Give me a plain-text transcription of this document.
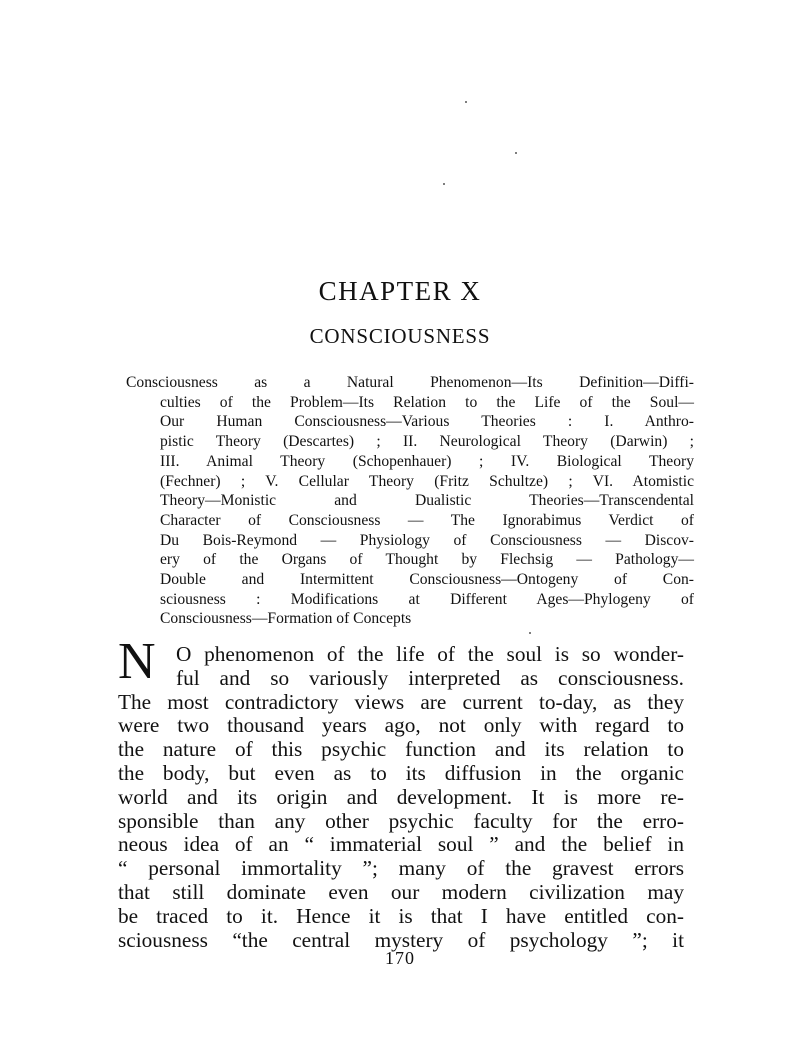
CHAPTER X
CONSCIOUSNESS
Consciousness as a Natural Phenomenon—Its Definition—Diffi-
culties of the Problem—Its Relation to the Life of the Soul—
Our Human Consciousness—Various Theories : I. Anthro-
pistic Theory (Descartes) ; II. Neurological Theory (Darwin) ;
III. Animal Theory (Schopenhauer) ; IV. Biological Theory
(Fechner) ; V. Cellular Theory (Fritz Schultze) ; VI. Atomistic
Theory—Monistic and Dualistic Theories—Transcendental
Character of Consciousness — The Ignorabimus Verdict of
Du Bois-Reymond — Physiology of Consciousness — Discov-
ery of the Organs of Thought by Flechsig — Pathology—
Double and Intermittent Consciousness—Ontogeny of Con-
sciousness : Modifications at Different Ages—Phylogeny of
Consciousness—Formation of Concepts
N O phenomenon of the life of the soul is so wonder-
ful and so variously interpreted as consciousness.
The most contradictory views are current to-day, as they
were two thousand years ago, not only with regard to
the nature of this psychic function and its relation to
the body, but even as to its diffusion in the organic
world and its origin and development. It is more re-
sponsible than any other psychic faculty for the erro-
neous idea of an “ immaterial soul ” and the belief in
“ personal immortality ”; many of the gravest errors
that still dominate even our modern civilization may
be traced to it. Hence it is that I have entitled con-
sciousness “the central mystery of psychology ”; it
170
